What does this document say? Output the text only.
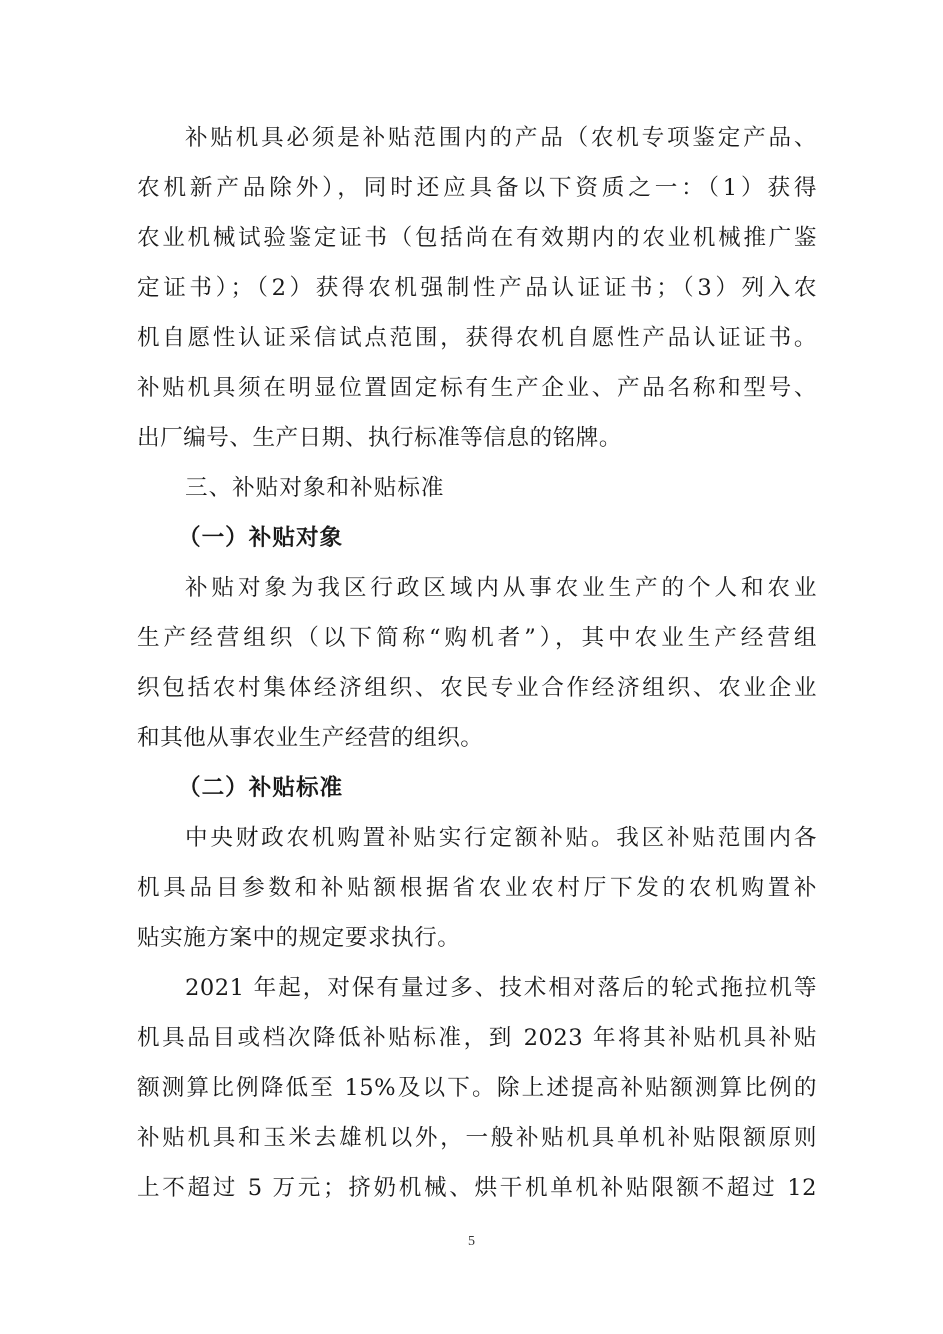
补贴机具必须是补贴范围内的产品（农机专项鉴定产品、
农机新产品除外），同时还应具备以下资质之一：（1）获得
农业机械试验鉴定证书（包括尚在有效期内的农业机械推广鉴
定证书）；（2）获得农机强制性产品认证证书；（3）列入农
机自愿性认证采信试点范围，获得农机自愿性产品认证证书。
补贴机具须在明显位置固定标有生产企业、产品名称和型号、
出厂编号、生产日期、执行标准等信息的铭牌。
三、补贴对象和补贴标准
（一）补贴对象
补贴对象为我区行政区域内从事农业生产的个人和农业
生产经营组织（以下简称“购机者”），其中农业生产经营组
织包括农村集体经济组织、农民专业合作经济组织、农业企业
和其他从事农业生产经营的组织。
（二）补贴标准
中央财政农机购置补贴实行定额补贴。我区补贴范围内各
机具品目参数和补贴额根据省农业农村厅下发的农机购置补
贴实施方案中的规定要求执行。
2021 年起，对保有量过多、技术相对落后的轮式拖拉机等
机具品目或档次降低补贴标准，到 2023 年将其补贴机具补贴
额测算比例降低至 15%及以下。除上述提高补贴额测算比例的
补贴机具和玉米去雄机以外，一般补贴机具单机补贴限额原则
上不超过 5 万元；挤奶机械、烘干机单机补贴限额不超过 12
5
